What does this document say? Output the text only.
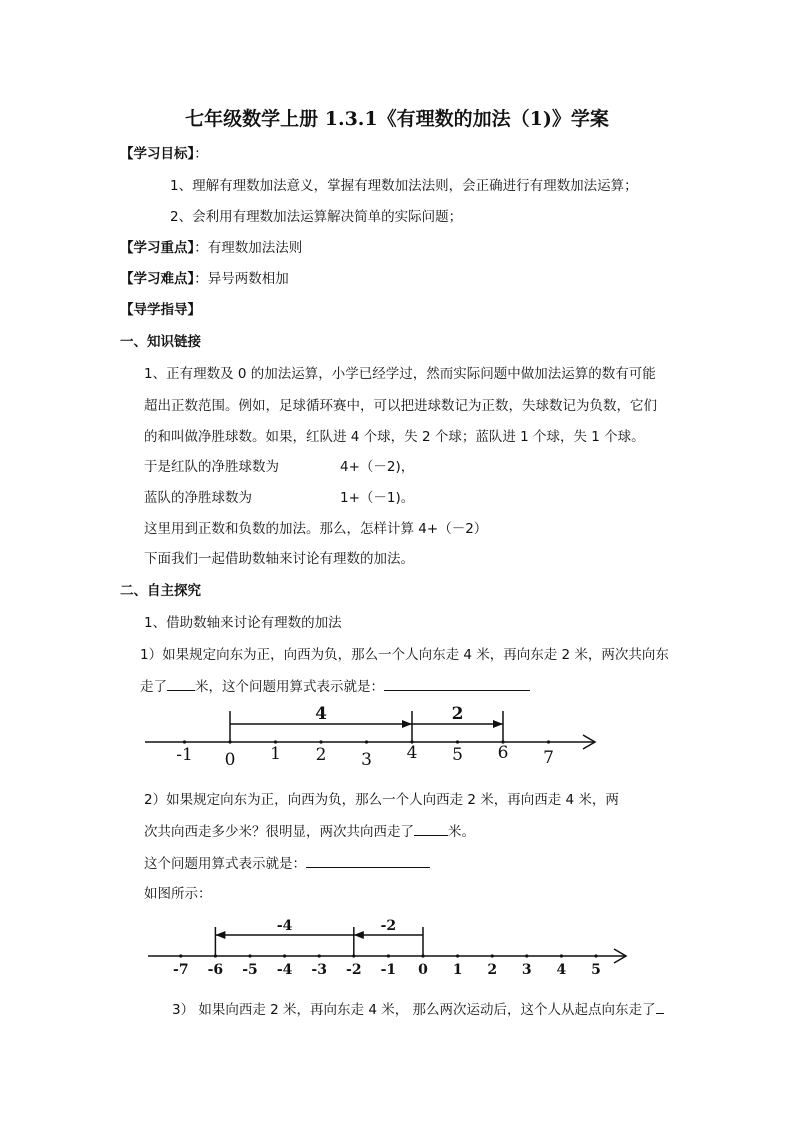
七年级数学上册 1.3.1《有理数的加法（1)》学案
【学习目标】：
1、理解有理数加法意义，掌握有理数加法法则，会正确进行有理数加法运算；
2、会利用有理数加法运算解决简单的实际问题；
【学习重点】：有理数加法法则
【学习难点】：异号两数相加
【导学指导】
一、知识链接
1、正有理数及 0 的加法运算，小学已经学过，然而实际问题中做加法运算的数有可能
超出正数范围。例如，足球循环赛中，可以把进球数记为正数，失球数记为负数，它们
的和叫做净胜球数。如果，红队进 4 个球，失 2 个球；蓝队进 1 个球，失 1 个球。
于是红队的净胜球数为	4+（－2)，
蓝队的净胜球数为	1+（－1)。
这里用到正数和负数的加法。那么，怎样计算 4+（－2）
下面我们一起借助数轴来讨论有理数的加法。
二、自主探究
1、借助数轴来讨论有理数的加法
1）如果规定向东为正，向西为负，那么一个人向东走 4 米，再向东走 2 米，两次共向东
走了 米，这个问题用算式表示就是：
-1 0 1 2 3 4 5 6 7
4	2
2）如果规定向东为正，向西为负，那么一个人向西走 2 米，再向西走 4 米，两
次共向西走多少米？很明显，两次共向西走了	米。
这个问题用算式表示就是：
如图所示：
-7 -6 -5 -4 -3 -2 -1 0 1 2 3 4 5
-4	-2
3） 如果向西走 2 米，再向东走 4 米， 那么两次运动后，这个人从起点向东走了
